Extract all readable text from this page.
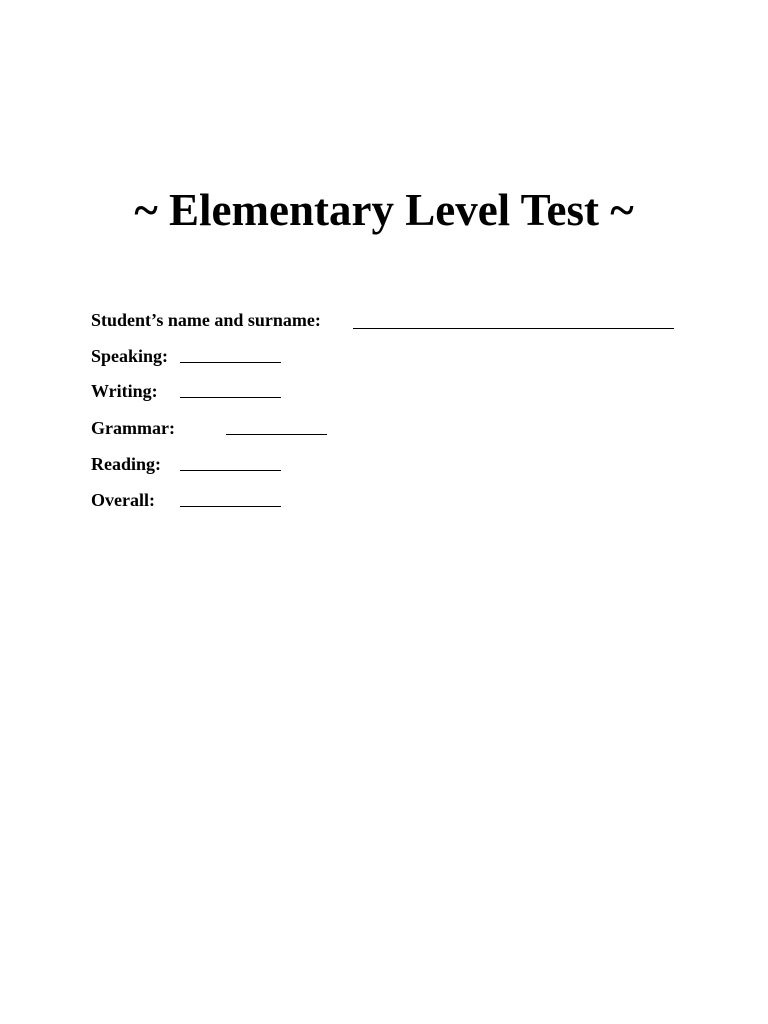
~ Elementary Level Test ~
Student’s name and surname:
Speaking:
Writing:
Grammar:
Reading:
Overall:
